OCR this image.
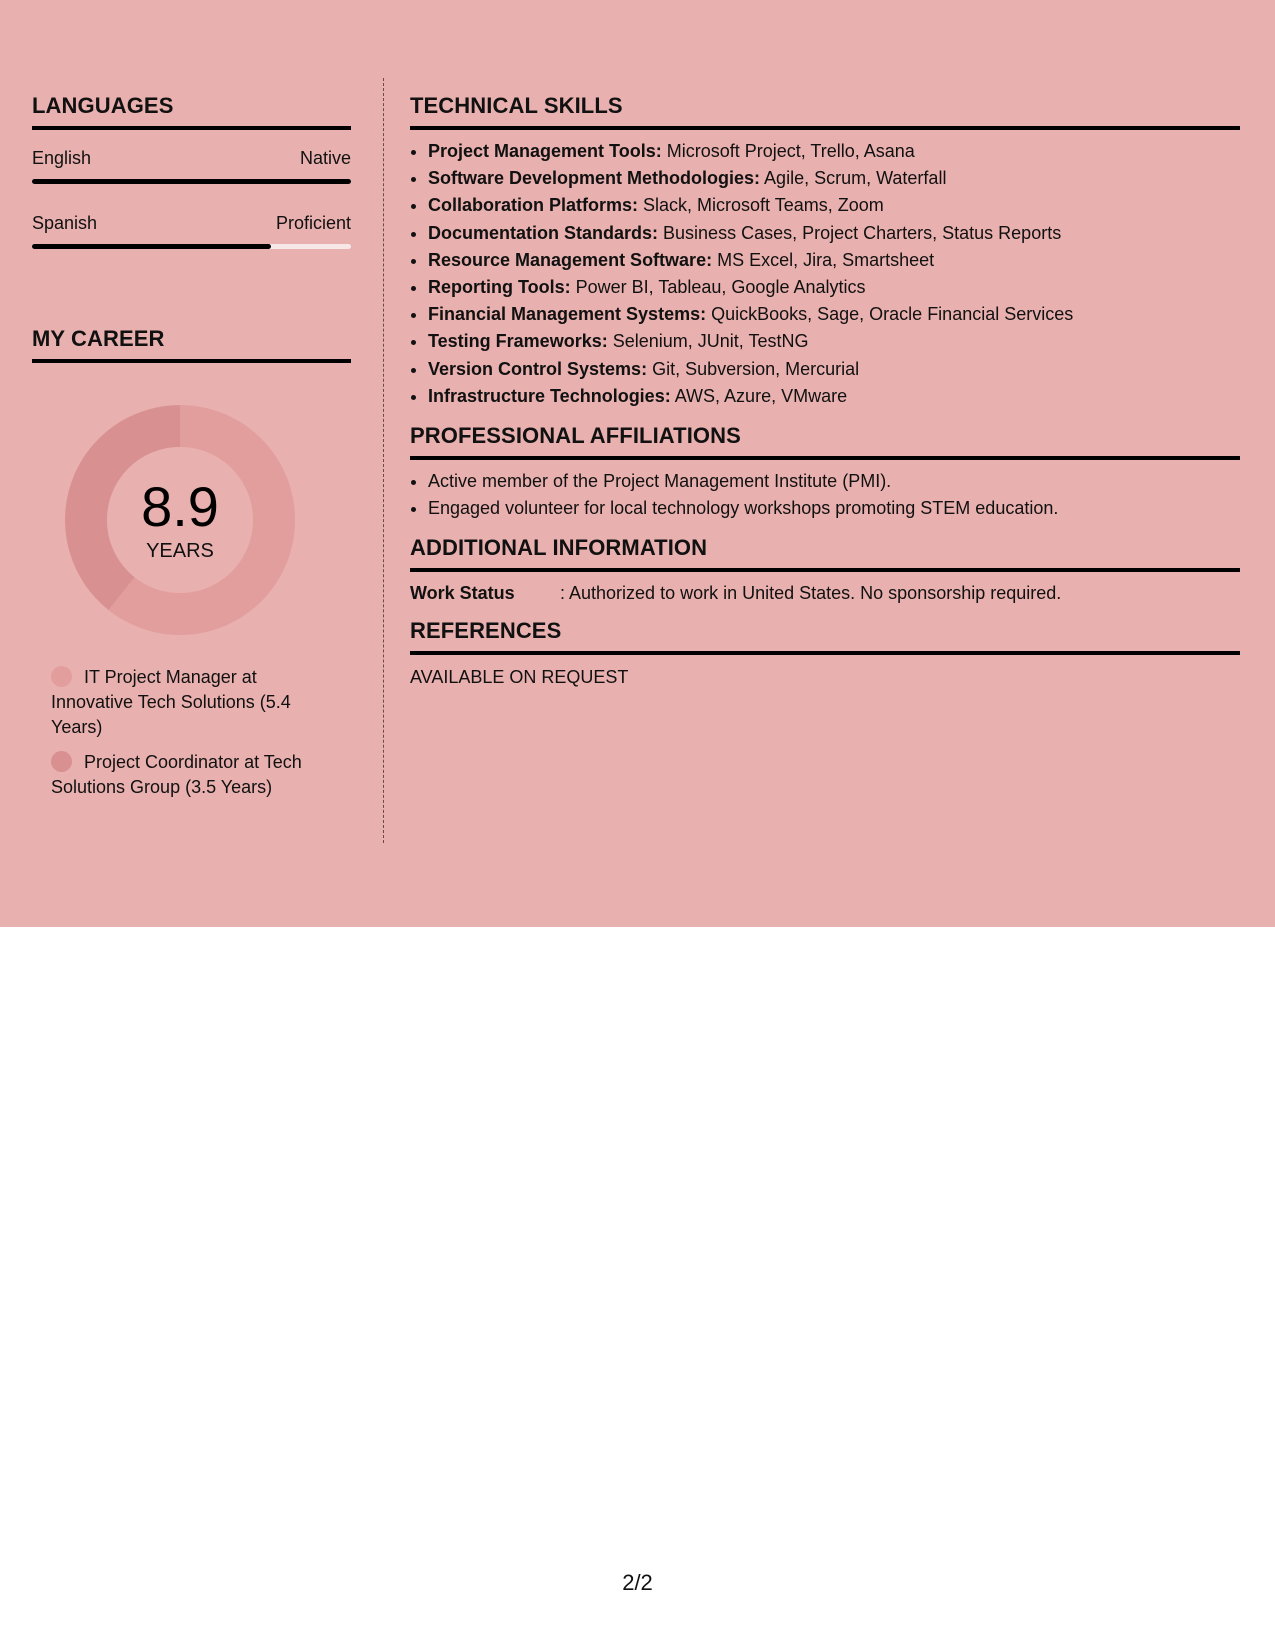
LANGUAGES
English	Native
Spanish	Proficient
MY CAREER
8.9
YEARS
IT Project Manager at Innovative Tech Solutions (5.4 Years)
Project Coordinator at Tech Solutions Group (3.5 Years)
TECHNICAL SKILLS
• Project Management Tools: Microsoft Project, Trello, Asana
• Software Development Methodologies: Agile, Scrum, Waterfall
• Collaboration Platforms: Slack, Microsoft Teams, Zoom
• Documentation Standards: Business Cases, Project Charters, Status Reports
• Resource Management Software: MS Excel, Jira, Smartsheet
• Reporting Tools: Power BI, Tableau, Google Analytics
• Financial Management Systems: QuickBooks, Sage, Oracle Financial Services
• Testing Frameworks: Selenium, JUnit, TestNG
• Version Control Systems: Git, Subversion, Mercurial
• Infrastructure Technologies: AWS, Azure, VMware
PROFESSIONAL AFFILIATIONS
• Active member of the Project Management Institute (PMI).
• Engaged volunteer for local technology workshops promoting STEM education.
ADDITIONAL INFORMATION
Work Status	: Authorized to work in United States. No sponsorship required.
REFERENCES
AVAILABLE ON REQUEST
2/2
